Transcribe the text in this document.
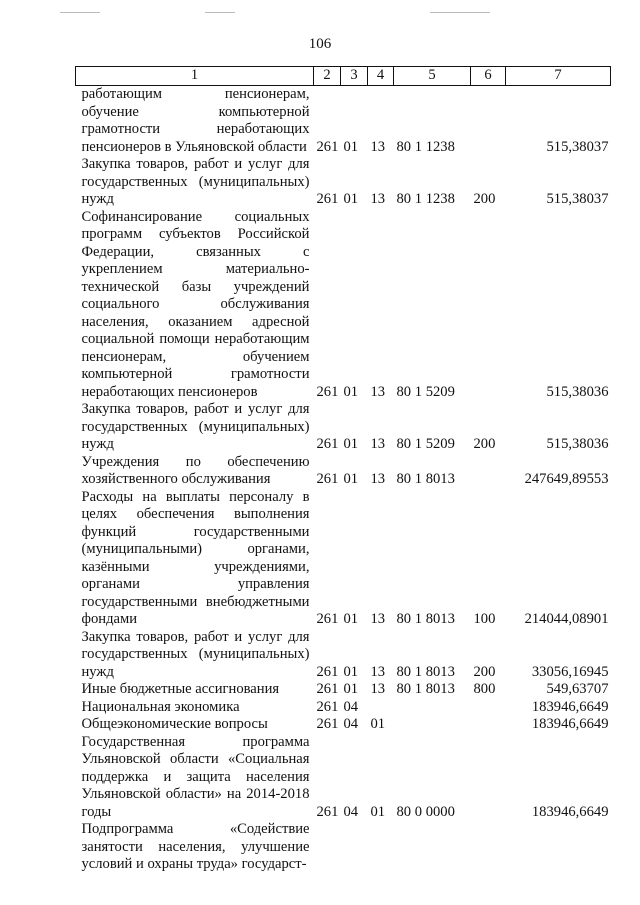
106
1	2	3	4	5	6	7
работающим пенсионерам, обучение компьютерной грамотности неработающих пенсионеров в Ульяновской области	261	01	13	80 1 1238		515,38037
Закупка товаров, работ и услуг для государственных (муниципальных) нужд	261	01	13	80 1 1238	200	515,38037
Софинансирование социальных программ субъектов Российской Федерации, связанных с укреплением материально-технической базы учреждений социального обслуживания населения, оказанием адресной социальной помощи неработающим пенсионерам, обучением компьютерной грамотности неработающих пенсионеров	261	01	13	80 1 5209		515,38036
Закупка товаров, работ и услуг для государственных (муниципальных) нужд	261	01	13	80 1 5209	200	515,38036
Учреждения по обеспечению хозяйственного обслуживания	261	01	13	80 1 8013		247649,89553
Расходы на выплаты персоналу в целях обеспечения выполнения функций государственными (муниципальными) органами, казёнными учреждениями, органами управления государственными внебюджетными фондами	261	01	13	80 1 8013	100	214044,08901
Закупка товаров, работ и услуг для государственных (муниципальных) нужд	261	01	13	80 1 8013	200	33056,16945
Иные бюджетные ассигнования	261	01	13	80 1 8013	800	549,63707
Национальная экономика	261	04				183946,6649
Общеэкономические вопросы	261	04	01			183946,6649
Государственная программа Ульяновской области «Социальная поддержка и защита населения Ульяновской области» на 2014-2018 годы	261	04	01	80 0 0000		183946,6649
Подпрограмма «Содействие занятости населения, улучшение условий и охраны труда» государст-						
